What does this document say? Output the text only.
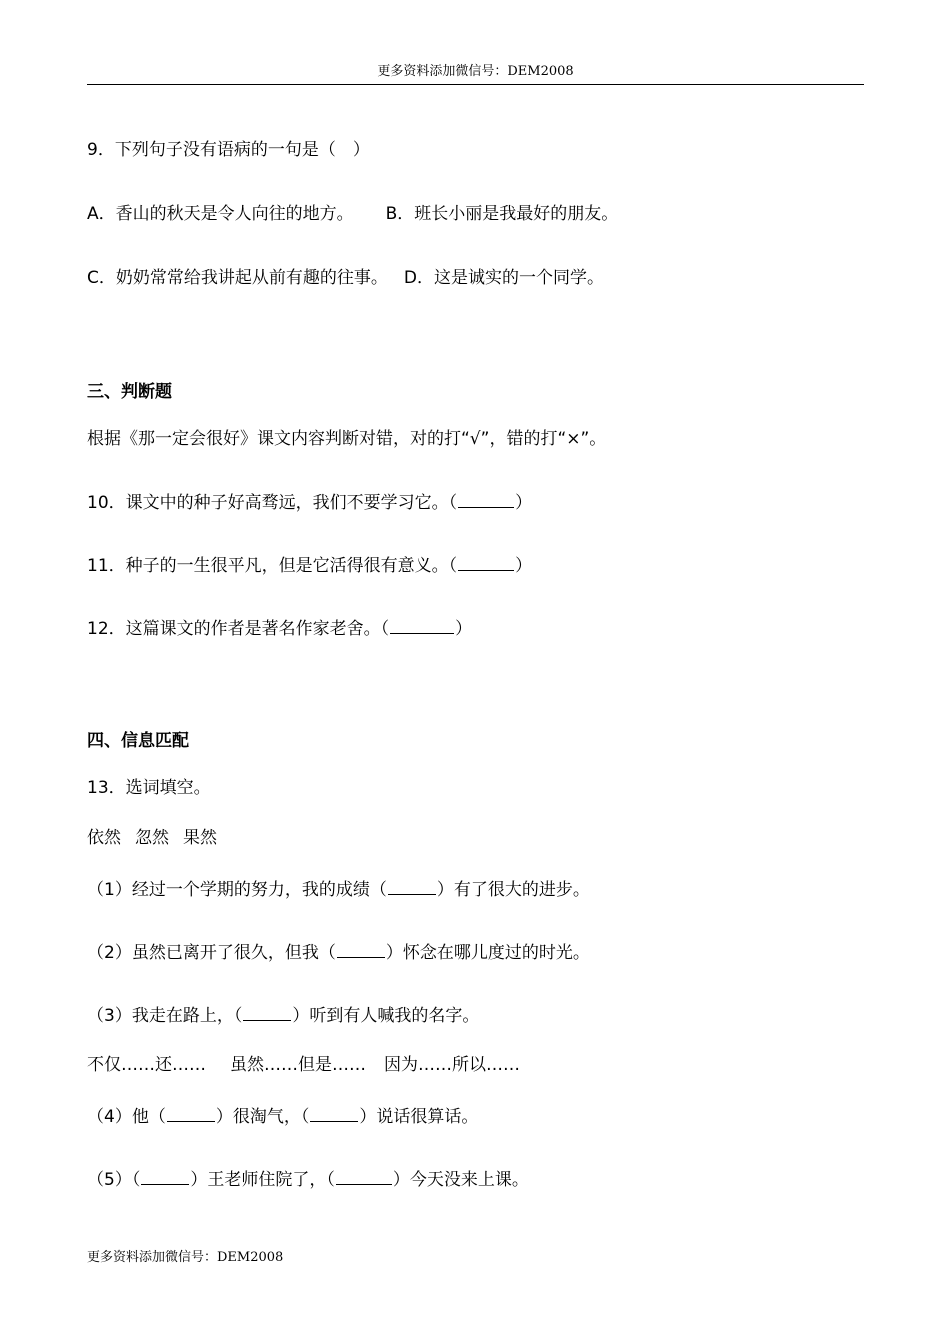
更多资料添加微信号：DEM2008
9．下列句子没有语病的一句是（　）
A．香山的秋天是令人向往的地方。 B．班长小丽是我最好的朋友。
C．奶奶常常给我讲起从前有趣的往事。 D．这是诚实的一个同学。
三、判断题
根据《那一定会很好》课文内容判断对错，对的打“√”，错的打“×”。
10．课文中的种子好高骛远，我们不要学习它。（	）
11．种子的一生很平凡，但是它活得很有意义。（	）
12．这篇课文的作者是著名作家老舍。（	）
四、信息匹配
13．选词填空。
依然 忽然 果然
（1）经过一个学期的努力，我的成绩（	）有了很大的进步。
（2）虽然已离开了很久，但我（	）怀念在哪儿度过的时光。
（3）我走在路上，（	）听到有人喊我的名字。
不仅……还…… 虽然……但是…… 因为……所以……
（4）他（	）很淘气，（	）说话很算话。
（5）（	）王老师住院了，（	）今天没来上课。
更多资料添加微信号：DEM2008
